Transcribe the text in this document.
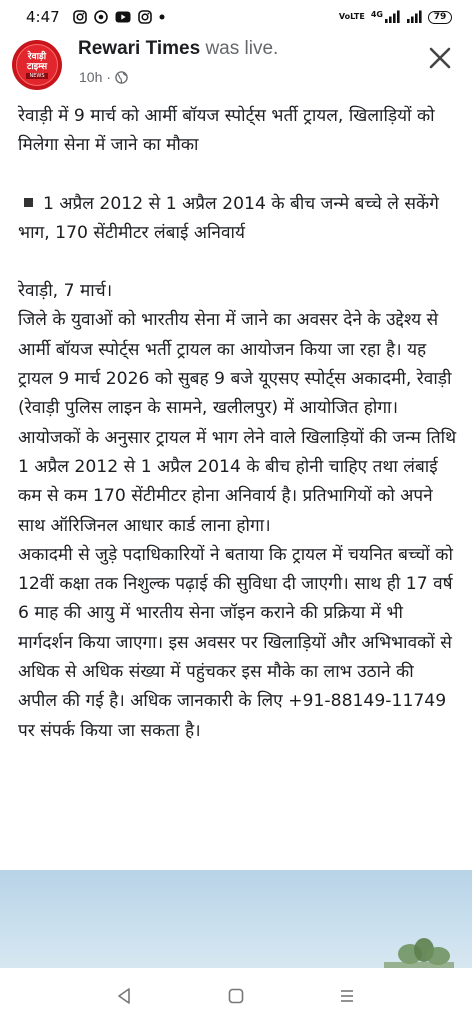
4:47	VoLTE 4G	79
रेवाड़ी
टाइम्स
NEWS
Rewari Times was live.
10h ·

रेवाड़ी में 9 मार्च को आर्मी बॉयज स्पोर्ट्स भर्ती ट्रायल, खिलाड़ियों को मिलेगा सेना में जाने का मौका

1 अप्रैल 2012 से 1 अप्रैल 2014 के बीच जन्मे बच्चे ले सकेंगे भाग, 170 सेंटीमीटर लंबाई अनिवार्य

रेवाड़ी, 7 मार्च।

जिले के युवाओं को भारतीय सेना में जाने का अवसर देने के उद्देश्य से आर्मी बॉयज स्पोर्ट्स भर्ती ट्रायल का आयोजन किया जा रहा है। यह ट्रायल 9 मार्च 2026 को सुबह 9 बजे यूएसए स्पोर्ट्स अकादमी, रेवाड़ी (रेवाड़ी पुलिस लाइन के सामने, खलीलपुर) में आयोजित होगा।

आयोजकों के अनुसार ट्रायल में भाग लेने वाले खिलाड़ियों की जन्म तिथि 1 अप्रैल 2012 से 1 अप्रैल 2014 के बीच होनी चाहिए तथा लंबाई कम से कम 170 सेंटीमीटर होना अनिवार्य है। प्रतिभागियों को अपने साथ ऑरिजिनल आधार कार्ड लाना होगा।

अकादमी से जुड़े पदाधिकारियों ने बताया कि ट्रायल में चयनित बच्चों को 12वीं कक्षा तक निशुल्क पढ़ाई की सुविधा दी जाएगी। साथ ही 17 वर्ष 6 माह की आयु में भारतीय सेना जॉइन कराने की प्रक्रिया में भी मार्गदर्शन किया जाएगा। इस अवसर पर खिलाड़ियों और अभिभावकों से अधिक से अधिक संख्या में पहुंचकर इस मौके का लाभ उठाने की अपील की गई है। अधिक जानकारी के लिए +91-88149-11749 पर संपर्क किया जा सकता है।
